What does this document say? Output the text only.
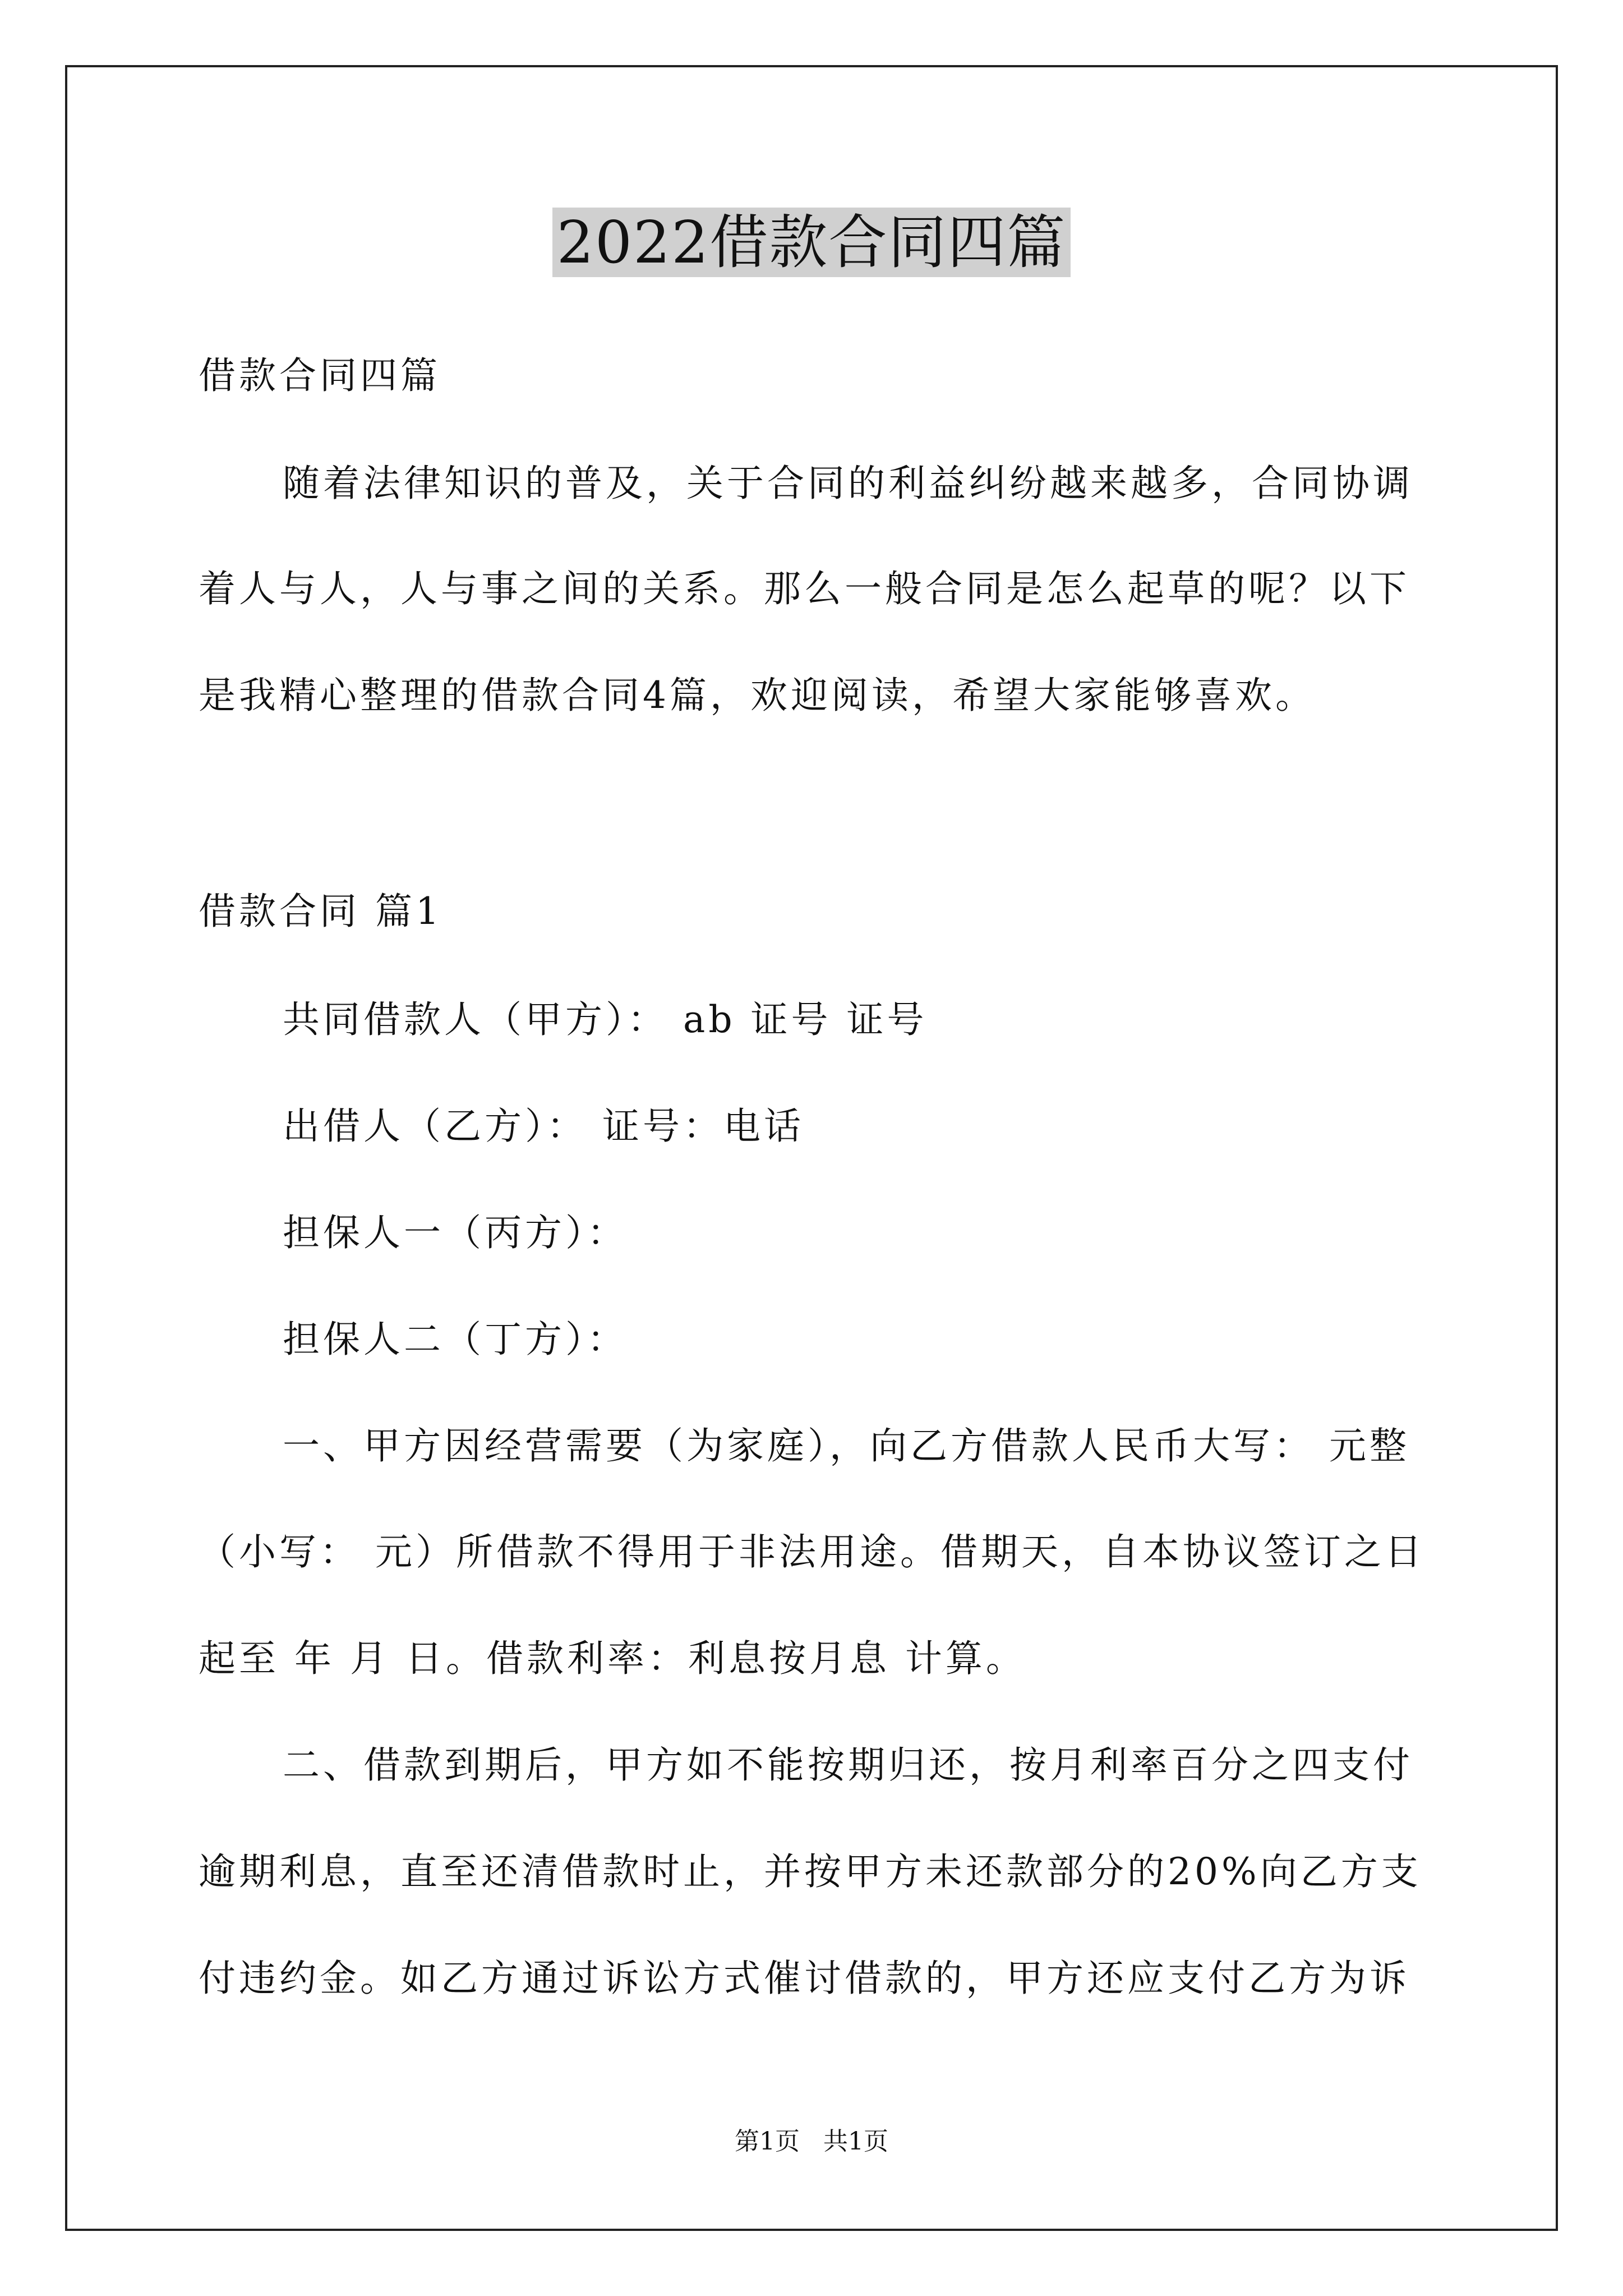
2022借款合同四篇
借款合同四篇
随着法律知识的普及，关于合同的利益纠纷越来越多，合同协调
着人与人，人与事之间的关系。那么一般合同是怎么起草的呢？以下
是我精心整理的借款合同4篇，欢迎阅读，希望大家能够喜欢。
借款合同 篇1
共同借款人（甲方）： ab 证号 证号
出借人（乙方）： 证号：电话
担保人一（丙方）：
担保人二（丁方）：
一、甲方因经营需要（为家庭），向乙方借款人民币大写： 元整
（小写： 元）所借款不得用于非法用途。借期天，自本协议签订之日
起至 年 月 日。借款利率：利息按月息 计算。
二、借款到期后，甲方如不能按期归还，按月利率百分之四支付
逾期利息，直至还清借款时止，并按甲方未还款部分的20%向乙方支
付违约金。如乙方通过诉讼方式催讨借款的，甲方还应支付乙方为诉
第1页   共1页
